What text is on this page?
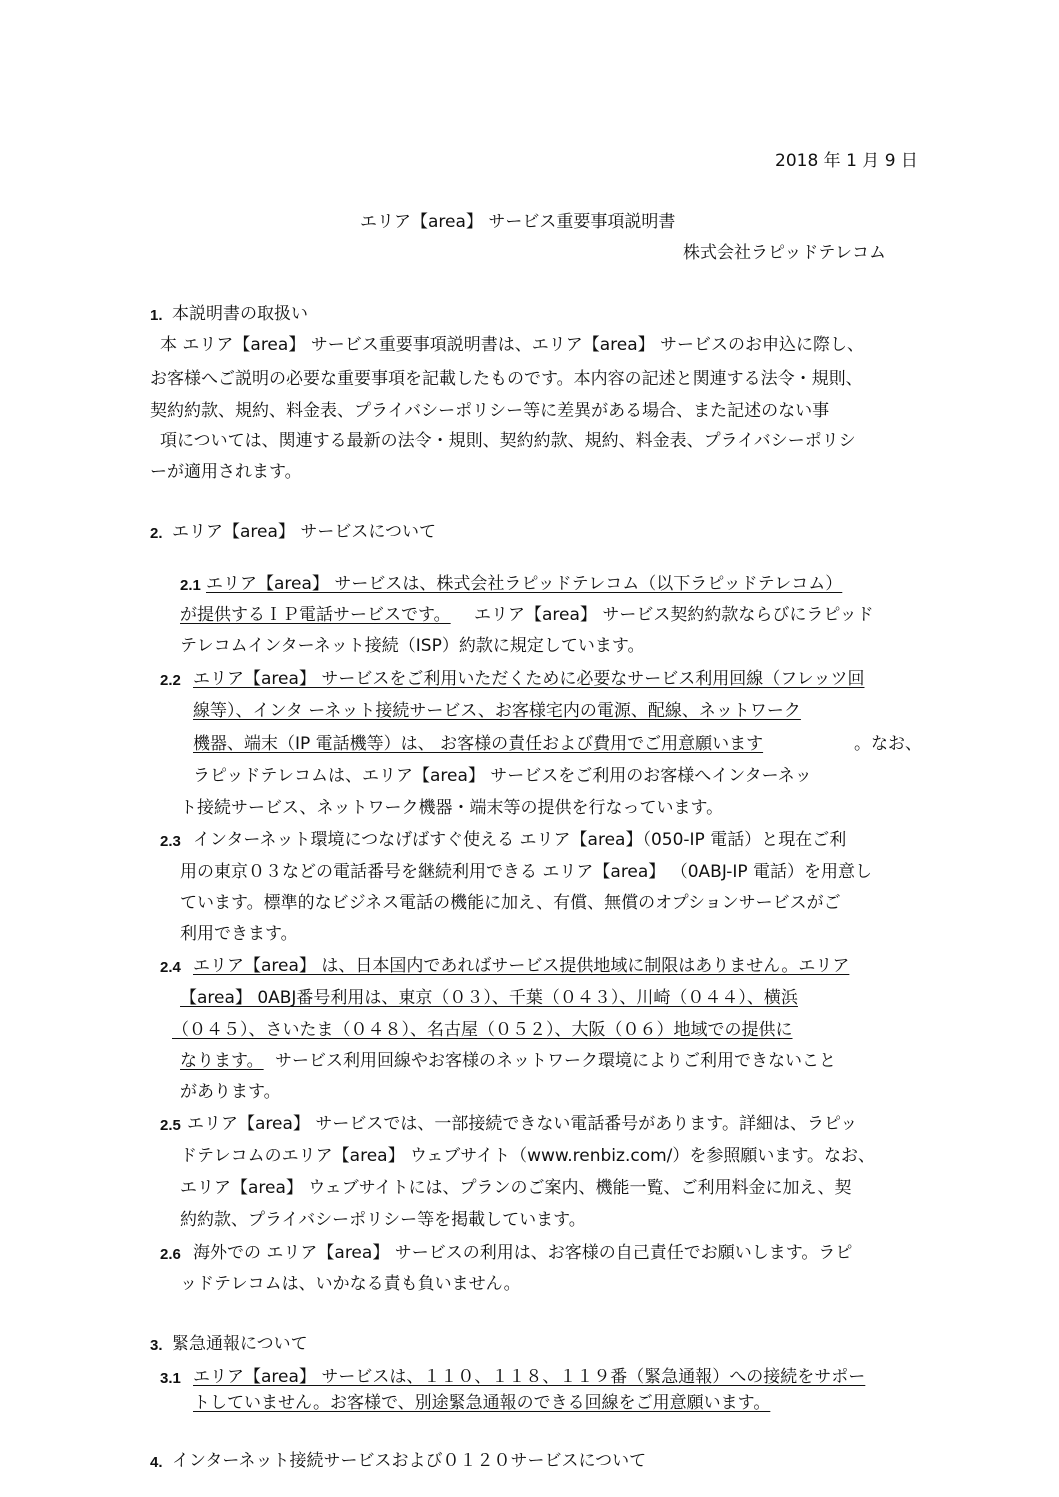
2018 年 1 月 9 日
エリア【area】 サービス重要事項説明書
株式会社ラピッドテレコム
1. 本説明書の取扱い
本 エリア【area】 サービス重要事項説明書は、エリア【area】 サービスのお申込に際し、
お客様へご説明の必要な重要事項を記載したものです。本内容の記述と関連する法令・規則、
契約約款、規約、料金表、プライバシーポリシー等に差異がある場合、また記述のない事
項については、関連する最新の法令・規則、契約約款、規約、料金表、プライバシーポリシ
ーが適用されます。
2. エリア【area】 サービスについて
2.1 エリア【area】 サービスは、株式会社ラピッドテレコム（以下ラピッドテレコム）
が提供するＩＰ電話サービスです。 エリア【area】 サービス契約約款ならびにラピッド
テレコムインターネット接続（ISP）約款に規定しています。
2.2 エリア【area】 サービスをご利用いただくために必要なサービス利用回線（フレッツ回
線等）、インタ ーネット接続サービス、お客様宅内の電源、配線、ネットワーク
機器、端末（IP 電話機等）は、 お客様の責任および費用でご用意願います	。なお、
ラピッドテレコムは、エリア【area】 サービスをご利用のお客様へインターネッ
ト接続サービス、ネットワーク機器・端末等の提供を行なっています。
2.3 インターネット環境につなげばすぐ使える エリア【area】（050-IP 電話）と現在ご利
用の東京０３などの電話番号を継続利用できる エリア【area】 （0ABJ-IP 電話）を用意し
ています。標準的なビジネス電話の機能に加え、有償、無償のオプションサービスがご
利用できます。
2.4 エリア【area】 は、日本国内であればサービス提供地域に制限はありません。エリア
【area】 0ABJ番号利用は、東京（０３）、千葉（０４３）、川崎（０４４）、横浜
（０４５）、さいたま（０４８）、名古屋（０５２）、大阪（０６）地域での提供に
なります。 サービス利用回線やお客様のネットワーク環境によりご利用できないこと
があります。
2.5 エリア【area】 サービスでは、一部接続できない電話番号があります。詳細は、ラピッ
ドテレコムのエリア【area】 ウェブサイト（www.renbiz.com/）を参照願います。なお、
エリア【area】 ウェブサイトには、プランのご案内、機能一覧、ご利用料金に加え、契
約約款、プライバシーポリシー等を掲載しています。
2.6 海外での エリア【area】 サービスの利用は、お客様の自己責任でお願いします。ラピ
ッドテレコムは、いかなる責も負いません。
3. 緊急通報について
3.1 エリア【area】 サービスは、１１０、１１８、１１９番（緊急通報）への接続をサポー
トしていません。お客様で、別途緊急通報のできる回線をご用意願います。
4. インターネット接続サービスおよび０１２０サービスについて
